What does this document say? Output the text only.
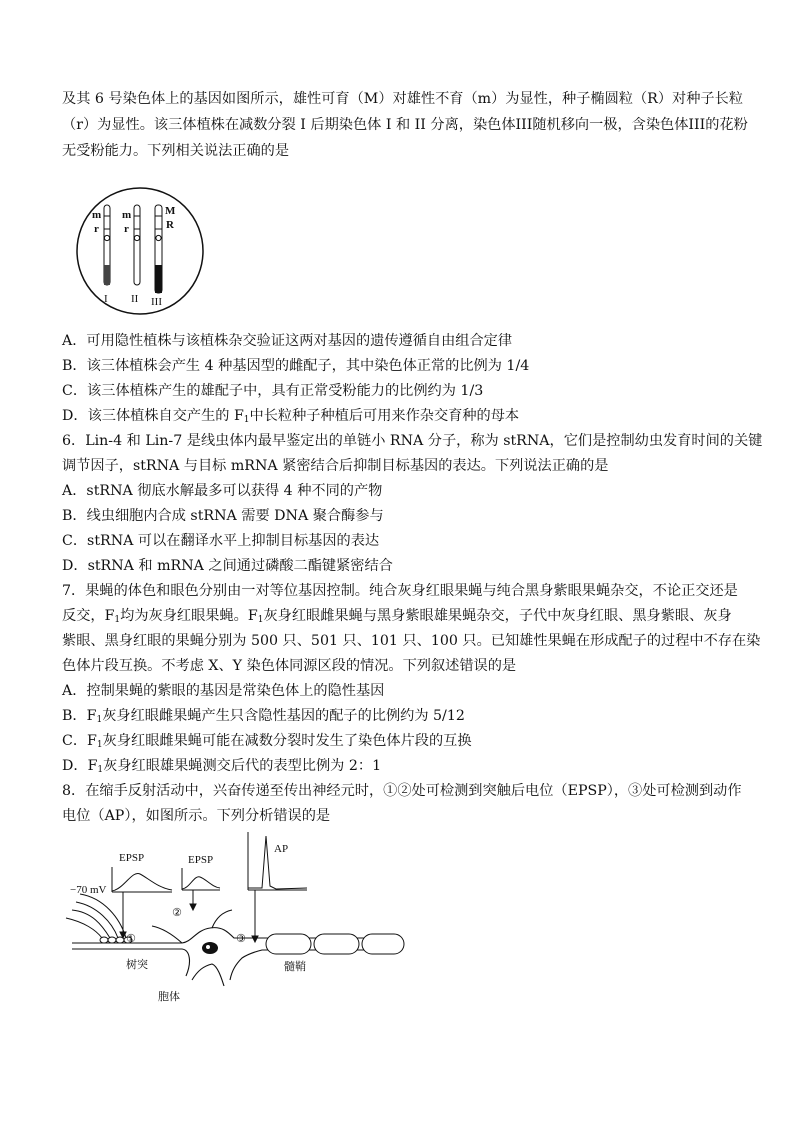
及其 6 号染色体上的基因如图所示，雄性可育（M）对雄性不育（m）为显性，种子椭圆粒（R）对种子长粒
（r）为显性。该三体植株在减数分裂 I 后期染色体 I 和 II 分离，染色体III随机移向一极，含染色体III的花粉
无受粉能力。下列相关说法正确的是
m
r
I
m
r
II
M
R
III
A．可用隐性植株与该植株杂交验证这两对基因的遗传遵循自由组合定律
B．该三体植株会产生 4 种基因型的雌配子，其中染色体正常的比例为 1/4
C．该三体植株产生的雄配子中，具有正常受粉能力的比例约为 1/3
D．该三体植株自交产生的 $F_1$中长粒种子种植后可用来作杂交育种的母本
6．Lin-4 和 Lin-7 是线虫体内最早鉴定出的单链小 RNA 分子，称为 stRNA，它们是控制幼虫发育时间的关键
调节因子，stRNA 与目标 mRNA 紧密结合后抑制目标基因的表达。下列说法正确的是
A．stRNA 彻底水解最多可以获得 4 种不同的产物
B．线虫细胞内合成 stRNA 需要 DNA 聚合酶参与
C．stRNA 可以在翻译水平上抑制目标基因的表达
D．stRNA 和 mRNA 之间通过磷酸二酯键紧密结合
7．果蝇的体色和眼色分别由一对等位基因控制。纯合灰身红眼果蝇与纯合黑身紫眼果蝇杂交，不论正交还是
反交，$F_1$均为灰身红眼果蝇。$F_1$灰身红眼雌果蝇与黑身紫眼雄果蝇杂交，子代中灰身红眼、黑身紫眼、灰身
紫眼、黑身红眼的果蝇分别为 500 只、501 只、101 只、100 只。已知雄性果蝇在形成配子的过程中不存在染
色体片段互换。不考虑 X、Y 染色体同源区段的情况。下列叙述错误的是
A．控制果蝇的紫眼的基因是常染色体上的隐性基因
B．$F_1$灰身红眼雌果蝇产生只含隐性基因的配子的比例约为 5/12
C．$F_1$灰身红眼雌果蝇可能在减数分裂时发生了染色体片段的互换
D．$F_1$灰身红眼雄果蝇测交后代的表型比例为 2：1
8．在缩手反射活动中，兴奋传递至传出神经元时，①②处可检测到突触后电位（EPSP），③处可检测到动作
电位（AP），如图所示。下列分析错误的是
EPSP
−70 mV
EPSP
AP
①
②
③
树突
胞体
髓鞘
